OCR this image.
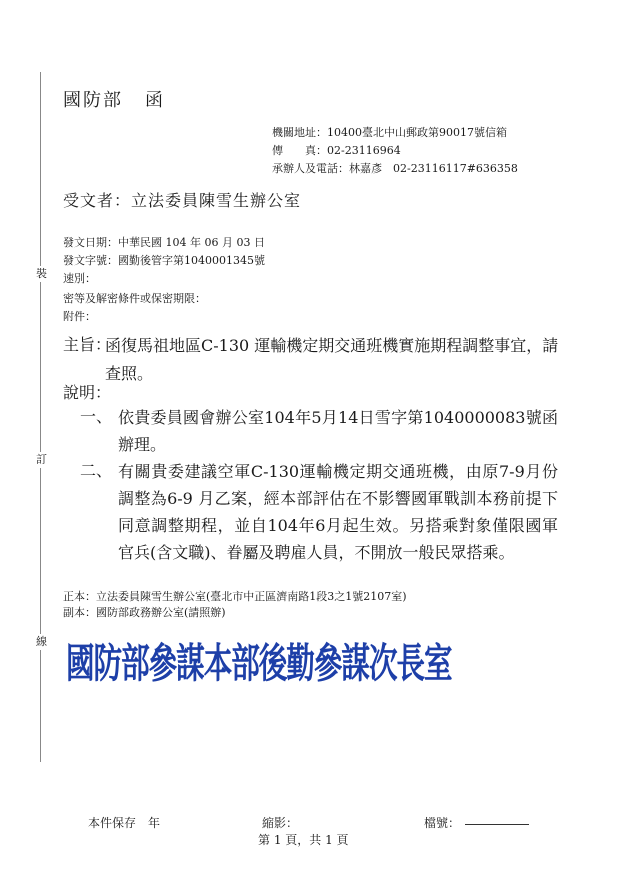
裝
訂
線
國防部 函
機關地址：10400臺北中山郵政第90017號信箱
傳　　真：02-23116964
承辦人及電話：林嘉彥　02-23116117#636358
受文者：立法委員陳雪生辦公室
發文日期：中華民國 104 年 06 月 03 日
發文字號：國勤後管字第1040001345號
速別：
密等及解密條件或保密期限：
附件：
主旨：
函復馬祖地區C-130 運輸機定期交通班機實施期程調整事宜，請查照。
說明：
一、 依貴委員國會辦公室104年5月14日雪字第1040000083號函辦理。
二、 有關貴委建議空軍C-130運輸機定期交通班機，由原7-9月份調整為6-9 月乙案，經本部評估在不影響國軍戰訓本務前提下同意調整期程，並自104年6月起生效。另搭乘對象僅限國軍官兵(含文職)、眷屬及聘雇人員，不開放一般民眾搭乘。
正本：立法委員陳雪生辦公室(臺北市中正區濟南路1段3之1號2107室)
副本：國防部政務辦公室(請照辦)
國防部參謀本部後勤參謀次長室
本件保存　年	縮影：	檔號：
第 1 頁，共 1 頁
